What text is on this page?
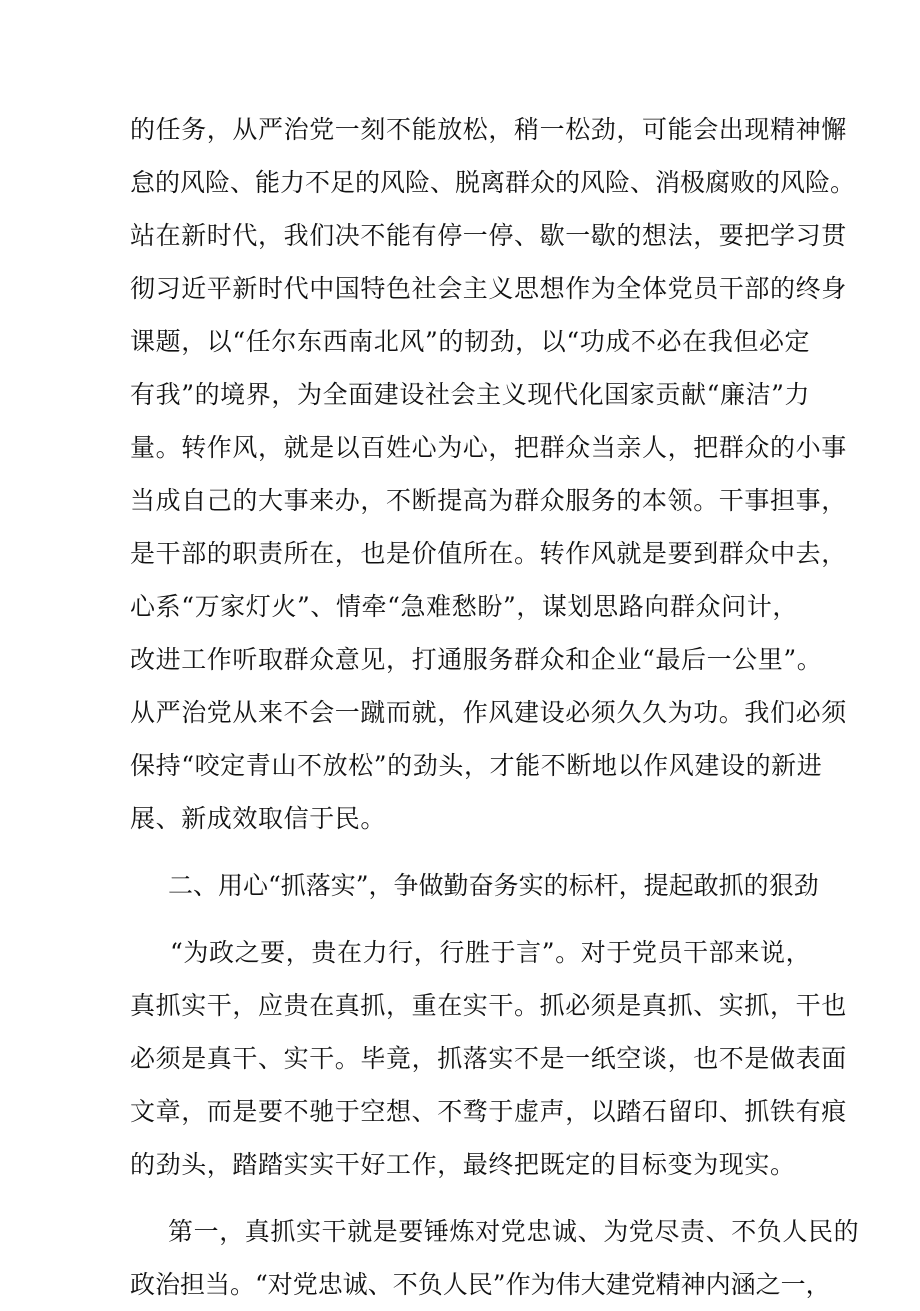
的任务，从严治党一刻不能放松，稍一松劲，可能会出现精神懈
怠的风险、能力不足的风险、脱离群众的风险、消极腐败的风险。
站在新时代，我们决不能有停一停、歇一歇的想法，要把学习贯
彻习近平新时代中国特色社会主义思想作为全体党员干部的终身
课题，以“任尔东西南北风”的韧劲，以“功成不必在我但必定
有我”的境界，为全面建设社会主义现代化国家贡献“廉洁”力
量。转作风，就是以百姓心为心，把群众当亲人，把群众的小事
当成自己的大事来办，不断提高为群众服务的本领。干事担事，
是干部的职责所在，也是价值所在。转作风就是要到群众中去，
心系“万家灯火”、情牵“急难愁盼”，谋划思路向群众问计，
改进工作听取群众意见，打通服务群众和企业“最后一公里”。
从严治党从来不会一蹴而就，作风建设必须久久为功。我们必须
保持“咬定青山不放松”的劲头，才能不断地以作风建设的新进
展、新成效取信于民。
二、用心“抓落实”，争做勤奋务实的标杆，提起敢抓的狠劲
“为政之要，贵在力行，行胜于言”。对于党员干部来说，
真抓实干，应贵在真抓，重在实干。抓必须是真抓、实抓，干也
必须是真干、实干。毕竟，抓落实不是一纸空谈，也不是做表面
文章，而是要不驰于空想、不骛于虚声，以踏石留印、抓铁有痕
的劲头，踏踏实实干好工作，最终把既定的目标变为现实。
第一，真抓实干就是要锤炼对党忠诚、为党尽责、不负人民的
政治担当。“对党忠诚、不负人民”作为伟大建党精神内涵之一，
